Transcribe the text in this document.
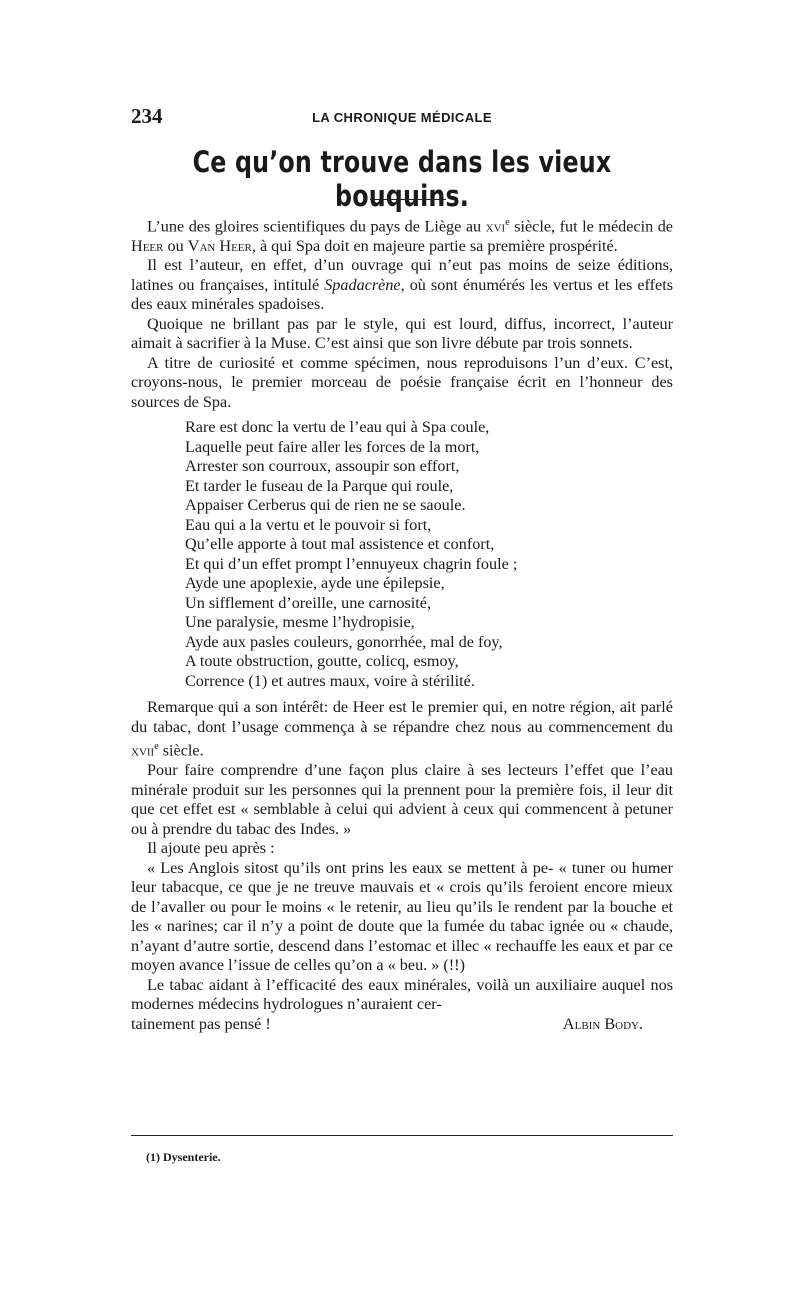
234	LA CHRONIQUE MÉDICALE
Ce qu’on trouve dans les vieux bouquins.

L’une des gloires scientifiques du pays de Liège au xvi$^e$ siècle, fut le médecin de Heer ou Van Heer, à qui Spa doit en majeure partie sa première prospérité.

Il est l’auteur, en effet, d’un ouvrage qui n’eut pas moins de seize éditions, latines ou françaises, intitulé Spadacrène, où sont énumérés les vertus et les effets des eaux minérales spadoises.

Quoique ne brillant pas par le style, qui est lourd, diffus, incorrect, l’auteur aimait à sacrifier à la Muse. C’est ainsi que son livre débute par trois sonnets.

A titre de curiosité et comme spécimen, nous reproduisons l’un d’eux. C’est, croyons-nous, le premier morceau de poésie française écrit en l’honneur des sources de Spa.

Rare est donc la vertu de l’eau qui à Spa coule,
Laquelle peut faire aller les forces de la mort,
Arrester son courroux, assoupir son effort,
Et tarder le fuseau de la Parque qui roule,
Appaiser Cerberus qui de rien ne se saoule.
Eau qui a la vertu et le pouvoir si fort,
Qu’elle apporte à tout mal assistence et confort,
Et qui d’un effet prompt l’ennuyeux chagrin foule ;
Ayde une apoplexie, ayde une épilepsie,
Un sifflement d’oreille, une carnosité,
Une paralysie, mesme l’hydropisie,
Ayde aux pasles couleurs, gonorrhée, mal de foy,
A toute obstruction, goutte, colicq, esmoy,
Corrence (1) et autres maux, voire à stérilité.

Remarque qui a son intérêt: de Heer est le premier qui, en notre région, ait parlé du tabac, dont l’usage commença à se répandre chez nous au commencement du xvii$^e$ siècle.

Pour faire comprendre d’une façon plus claire à ses lecteurs l’effet que l’eau minérale produit sur les personnes qui la prennent pour la première fois, il leur dit que cet effet est « semblable à celui qui advient à ceux qui commencent à petuner ou à prendre du tabac des Indes. »

Il ajoute peu après :

« Les Anglois sitost qu’ils ont prins les eaux se mettent à pe- « tuner ou humer leur tabacque, ce que je ne treuve mauvais et « crois qu’ils feroient encore mieux de l’avaller ou pour le moins « le retenir, au lieu qu’ils le rendent par la bouche et les « narines; car il n’y a point de doute que la fumée du tabac ignée ou « chaude, n’ayant d’autre sortie, descend dans l’estomac et illec « rechauffe les eaux et par ce moyen avance l’issue de celles qu’on a « beu. » (!!)

Le tabac aidant à l’efficacité des eaux minérales, voilà un auxiliaire auquel nos modernes médecins hydrologues n’auraient cer-

tainement pas pensé !	Albin Body.
(1) Dysenterie.
